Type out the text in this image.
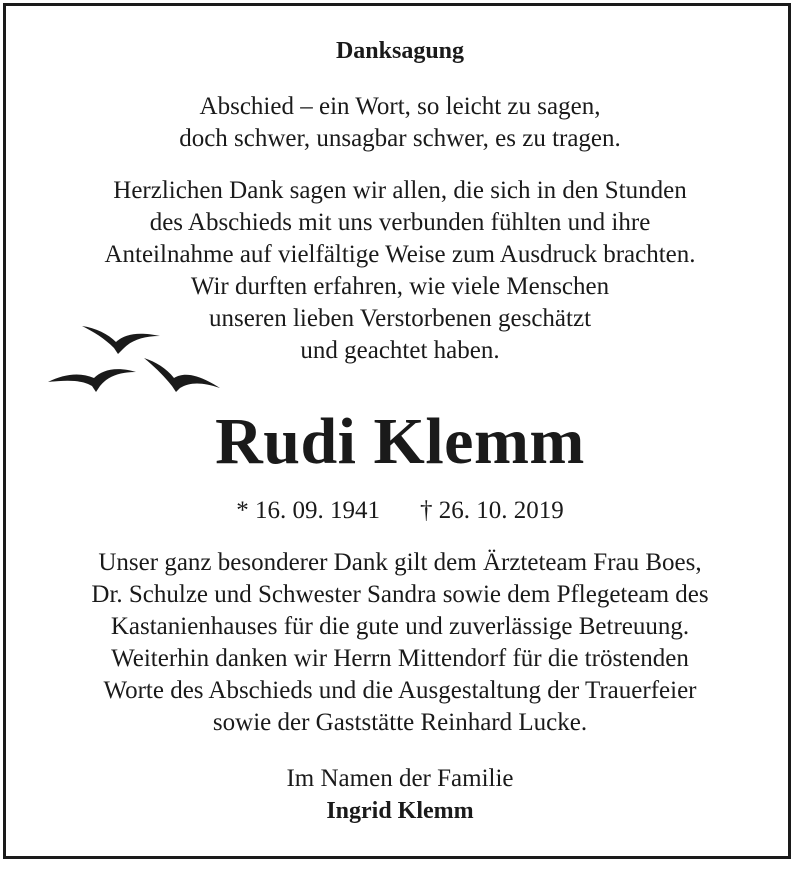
Danksagung
Abschied – ein Wort, so leicht zu sagen,
doch schwer, unsagbar schwer, es zu tragen.
Herzlichen Dank sagen wir allen, die sich in den Stunden
des Abschieds mit uns verbunden fühlten und ihre
Anteilnahme auf vielfältige Weise zum Ausdruck brachten.
Wir durften erfahren, wie viele Menschen
unseren lieben Verstorbenen geschätzt
und geachtet haben.
Rudi Klemm
* 16. 09. 1941 † 26. 10. 2019
Unser ganz besonderer Dank gilt dem Ärzteteam Frau Boes,
Dr. Schulze und Schwester Sandra sowie dem Pflegeteam des
Kastanienhauses für die gute und zuverlässige Betreuung.
Weiterhin danken wir Herrn Mittendorf für die tröstenden
Worte des Abschieds und die Ausgestaltung der Trauerfeier
sowie der Gaststätte Reinhard Lucke.
Im Namen der Familie
Ingrid Klemm
